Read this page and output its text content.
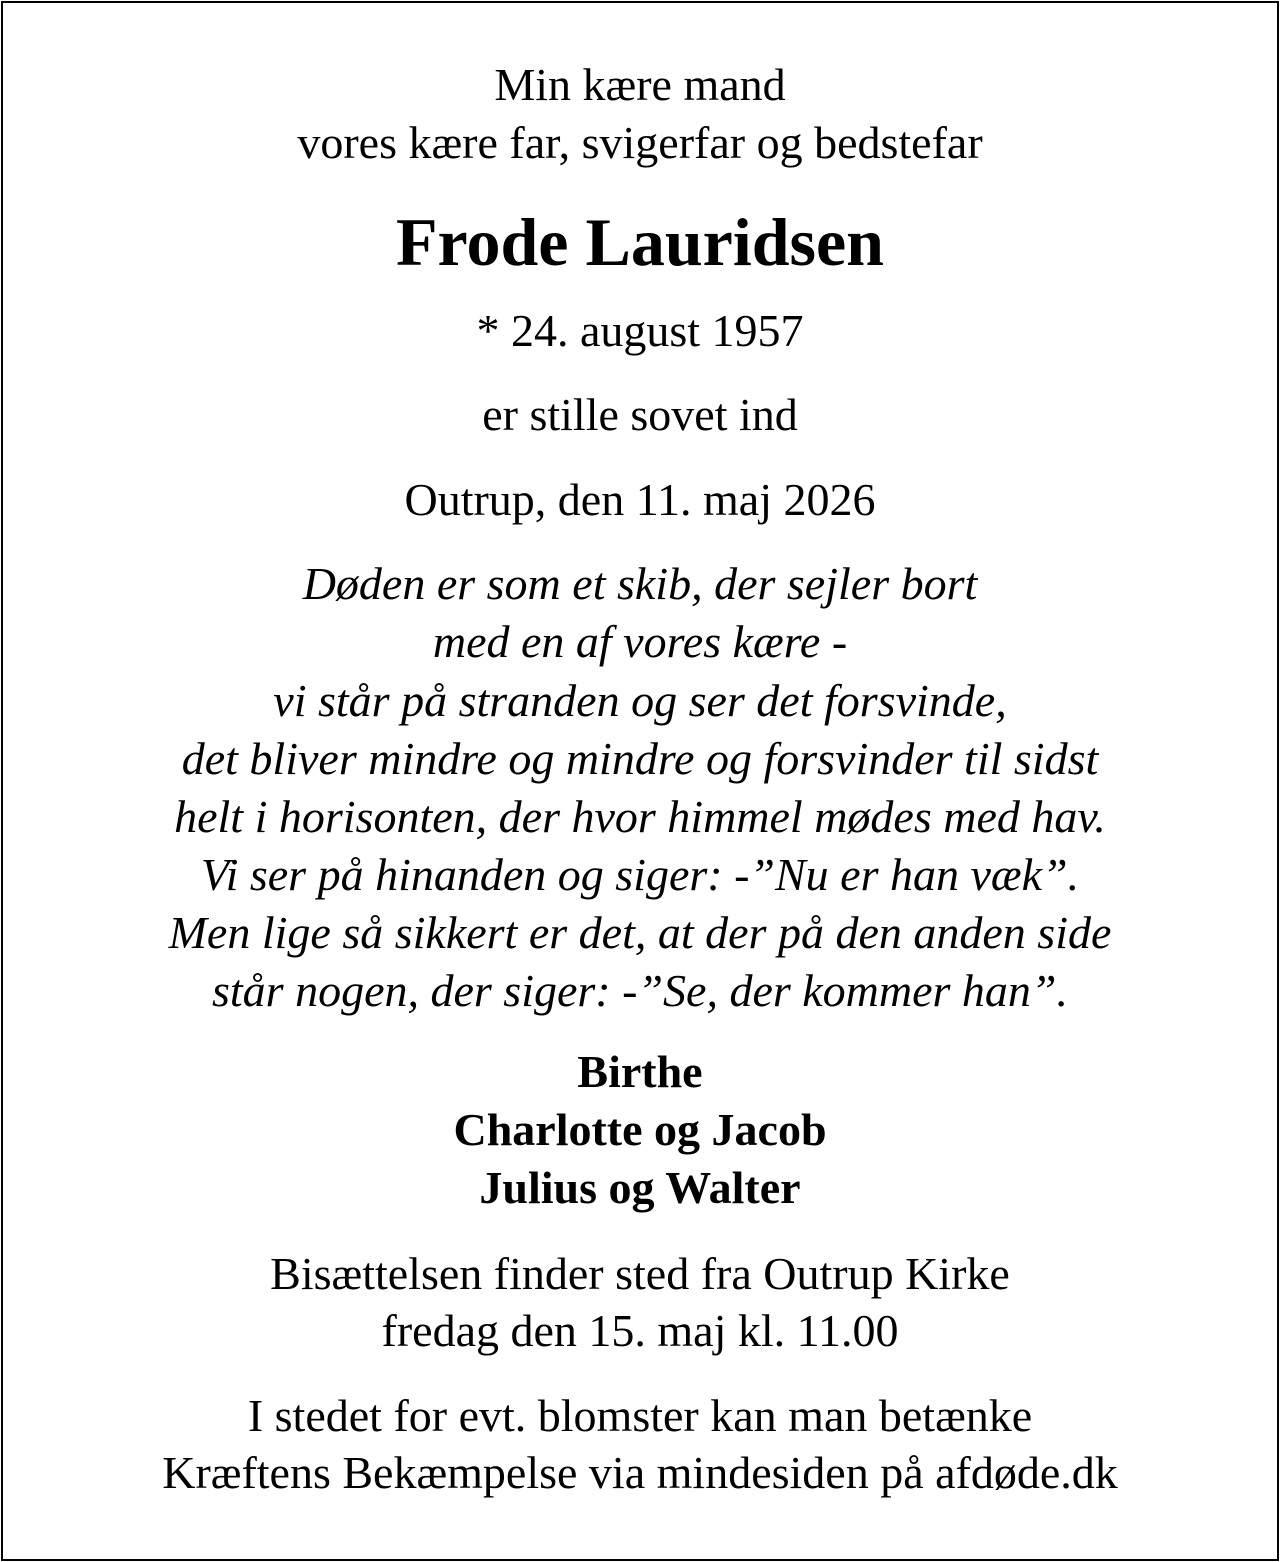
Min kære mand
vores kære far, svigerfar og bedstefar
Frode Lauridsen
* 24. august 1957
er stille sovet ind
Outrup, den 11. maj 2026
Døden er som et skib, der sejler bort
med en af vores kære -
vi står på stranden og ser det forsvinde,
det bliver mindre og mindre og forsvinder til sidst
helt i horisonten, der hvor himmel mødes med hav.
Vi ser på hinanden og siger: -”Nu er han væk”.
Men lige så sikkert er det, at der på den anden side
står nogen, der siger: -”Se, der kommer han”.
Birthe
Charlotte og Jacob
Julius og Walter
Bisættelsen finder sted fra Outrup Kirke
fredag den 15. maj kl. 11.00
I stedet for evt. blomster kan man betænke
Kræftens Bekæmpelse via mindesiden på afdøde.dk
